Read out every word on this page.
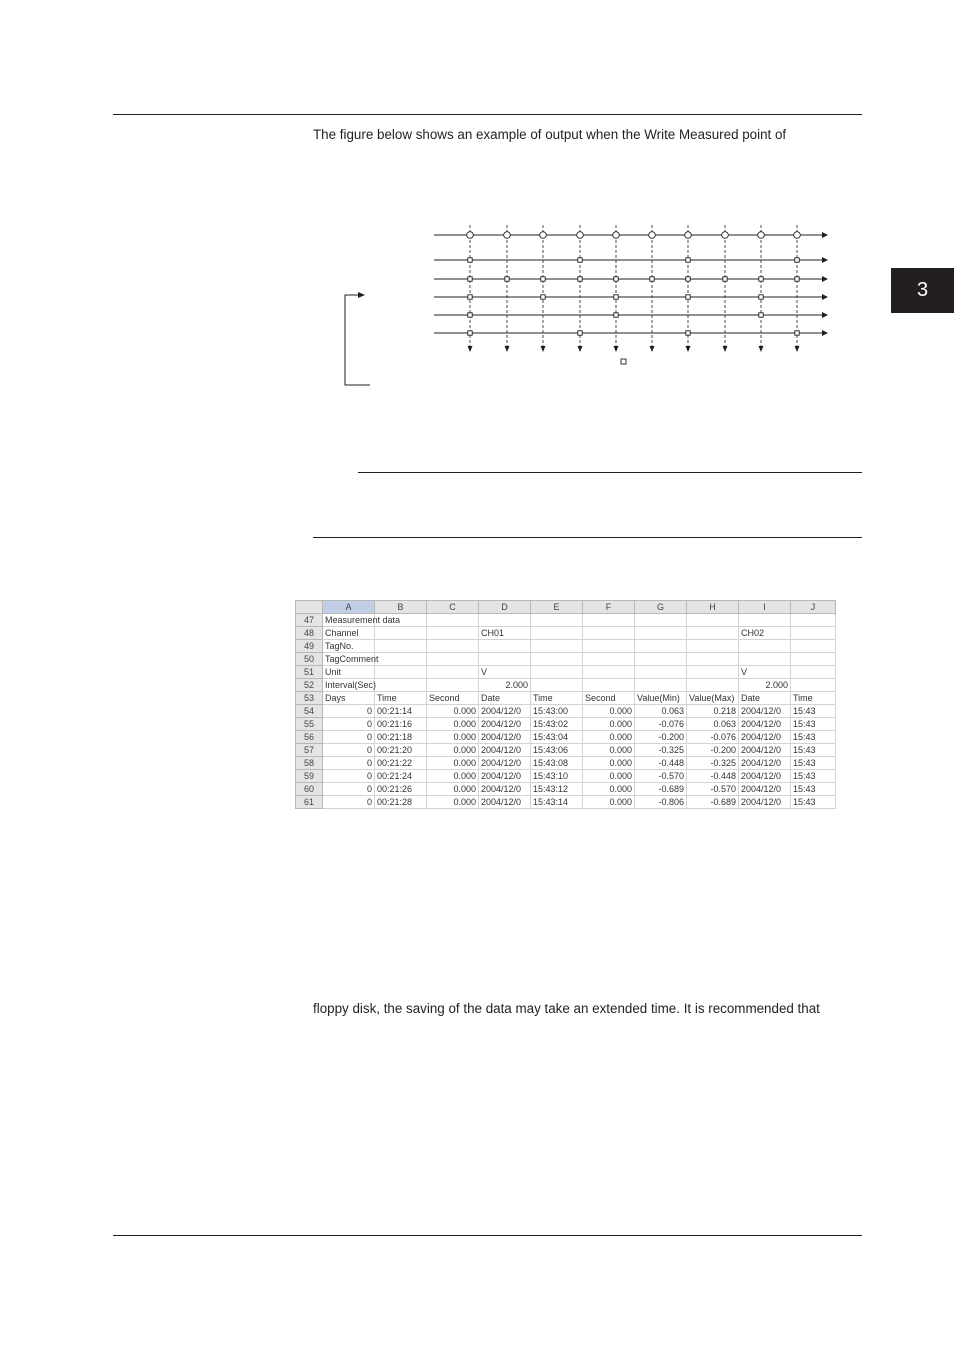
The figure below shows an example of output when the Write Measured point of
3
	A	B	C	D	E	F	G	H	I	J
47	Measurement data									
48	Channel			CH01					CH02	
49	TagNo.									
50	TagComment									
51	Unit			V					V	
52	Interval(Sec)			2.000					2.000	
53	Days	Time	Second	Date	Time	Second	Value(Min)	Value(Max)	Date	Time
54	0	00:21:14	0.000	2004/12/0	15:43:00	0.000	0.063	0.218	2004/12/0	15:43
55	0	00:21:16	0.000	2004/12/0	15:43:02	0.000	-0.076	0.063	2004/12/0	15:43
56	0	00:21:18	0.000	2004/12/0	15:43:04	0.000	-0.200	-0.076	2004/12/0	15:43
57	0	00:21:20	0.000	2004/12/0	15:43:06	0.000	-0.325	-0.200	2004/12/0	15:43
58	0	00:21:22	0.000	2004/12/0	15:43:08	0.000	-0.448	-0.325	2004/12/0	15:43
59	0	00:21:24	0.000	2004/12/0	15:43:10	0.000	-0.570	-0.448	2004/12/0	15:43
60	0	00:21:26	0.000	2004/12/0	15:43:12	0.000	-0.689	-0.570	2004/12/0	15:43
61	0	00:21:28	0.000	2004/12/0	15:43:14	0.000	-0.806	-0.689	2004/12/0	15:43
floppy disk, the saving of the data may take an extended time. It is recommended that
